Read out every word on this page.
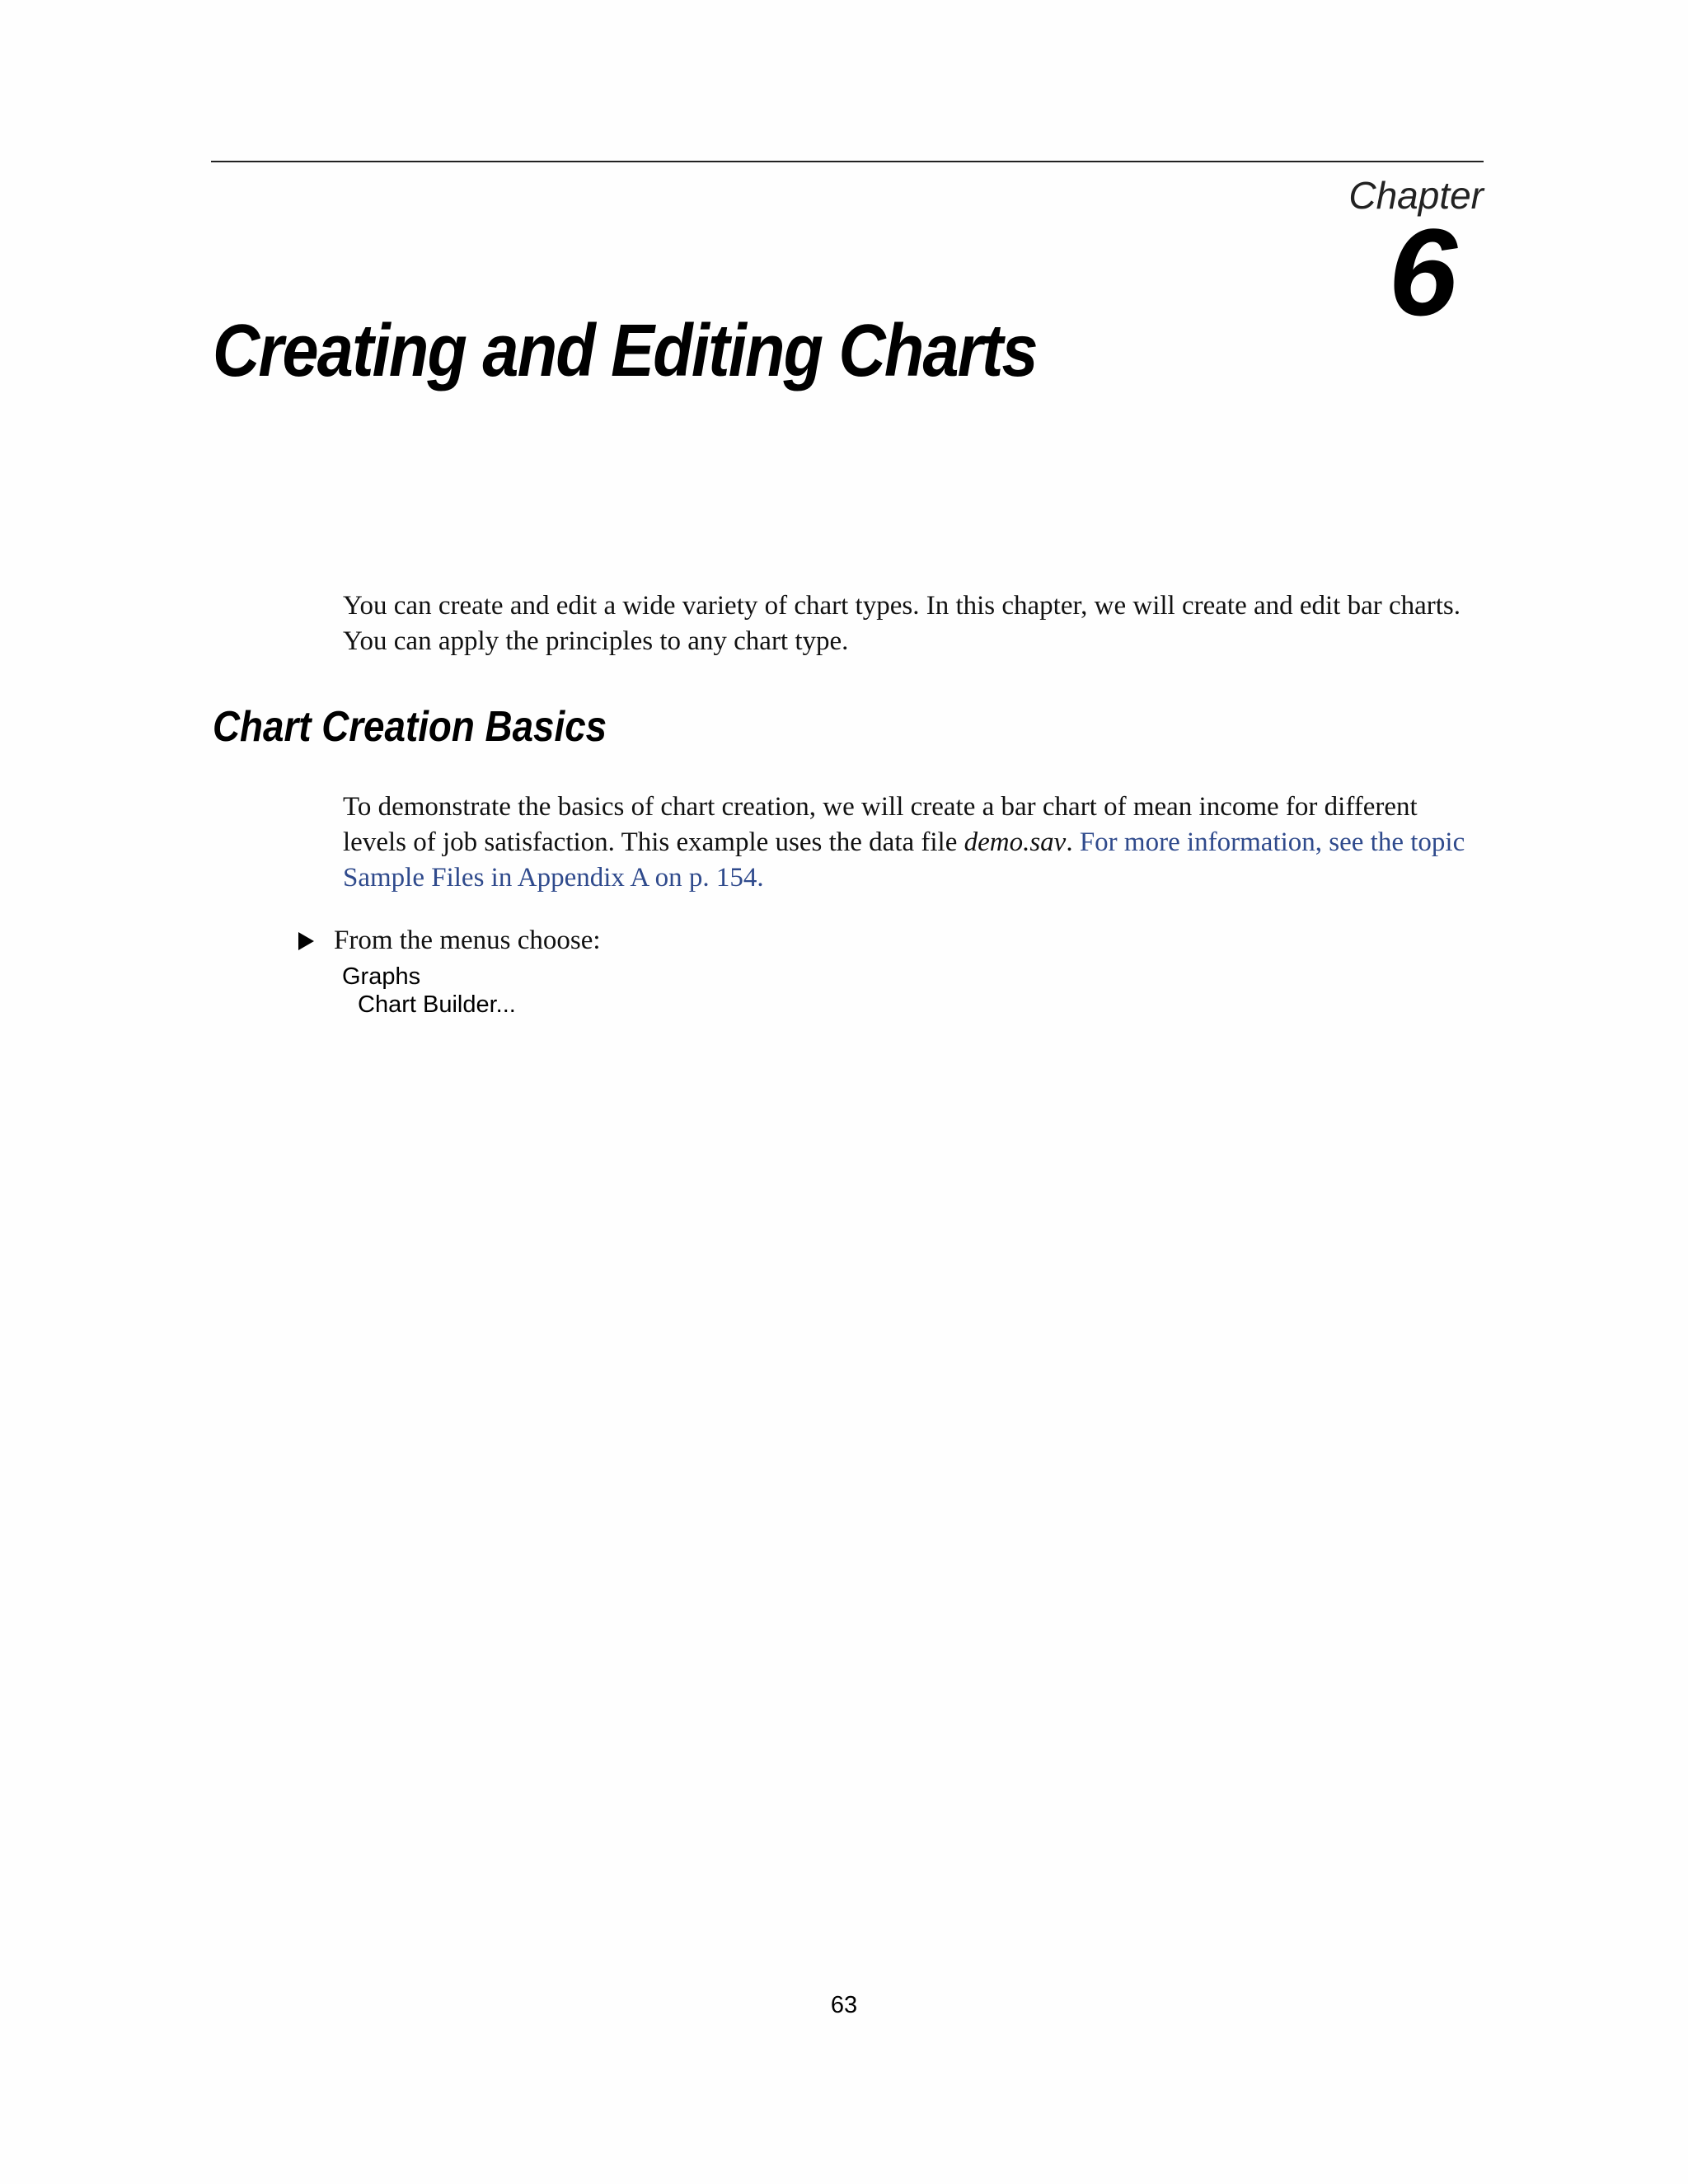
Chapter
6
Creating and Editing Charts

You can create and edit a wide variety of chart types. In this chapter, we will create and edit bar charts. You can apply the principles to any chart type.

Chart Creation Basics

To demonstrate the basics of chart creation, we will create a bar chart of mean income for different levels of job satisfaction. This example uses the data file demo.sav. For more information, see the topic Sample Files in Appendix A on p. 154.

From the menus choose:
Graphs
Chart Builder...
63
